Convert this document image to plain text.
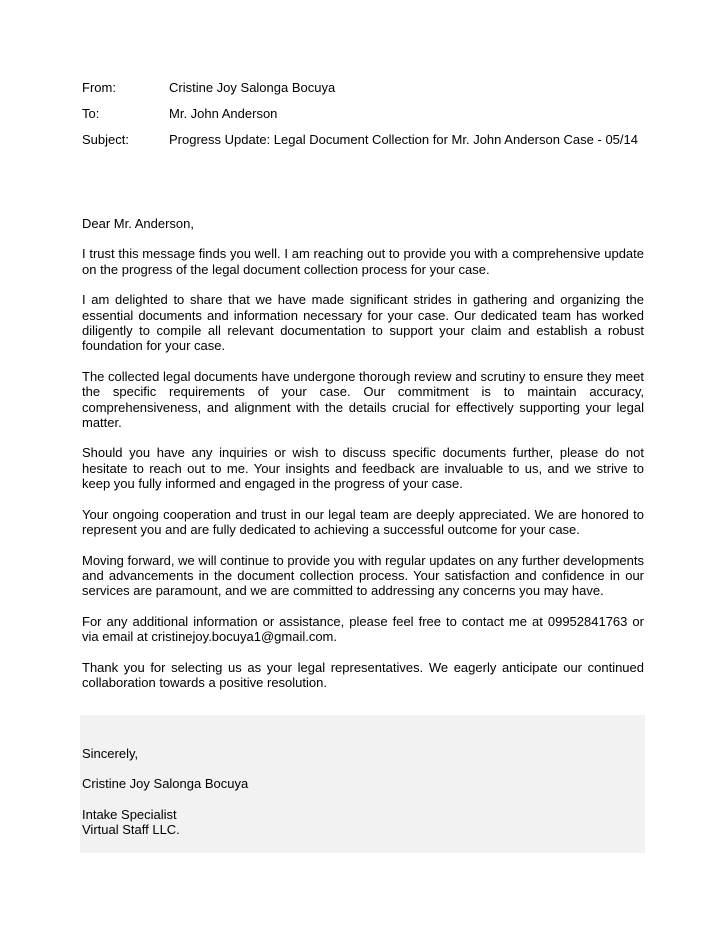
From:	Cristine Joy Salonga Bocuya
To:	Mr. John Anderson
Subject:	Progress Update: Legal Document Collection for Mr. John Anderson Case - 05/14

Dear Mr. Anderson,

I trust this message finds you well. I am reaching out to provide you with a comprehensive update on the progress of the legal document collection process for your case.

I am delighted to share that we have made significant strides in gathering and organizing the essential documents and information necessary for your case. Our dedicated team has worked diligently to compile all relevant documentation to support your claim and establish a robust foundation for your case.

The collected legal documents have undergone thorough review and scrutiny to ensure they meet the specific requirements of your case. Our commitment is to maintain accuracy, comprehensiveness, and alignment with the details crucial for effectively supporting your legal matter.

Should you have any inquiries or wish to discuss specific documents further, please do not hesitate to reach out to me. Your insights and feedback are invaluable to us, and we strive to keep you fully informed and engaged in the progress of your case.

Your ongoing cooperation and trust in our legal team are deeply appreciated. We are honored to represent you and are fully dedicated to achieving a successful outcome for your case.

Moving forward, we will continue to provide you with regular updates on any further developments and advancements in the document collection process. Your satisfaction and confidence in our services are paramount, and we are committed to addressing any concerns you may have.

For any additional information or assistance, please feel free to contact me at 09952841763 or via email at cristinejoy.bocuya1@gmail.com.

Thank you for selecting us as your legal representatives. We eagerly anticipate our continued collaboration towards a positive resolution.

Sincerely,

Cristine Joy Salonga Bocuya

Intake Specialist

Virtual Staff LLC.
